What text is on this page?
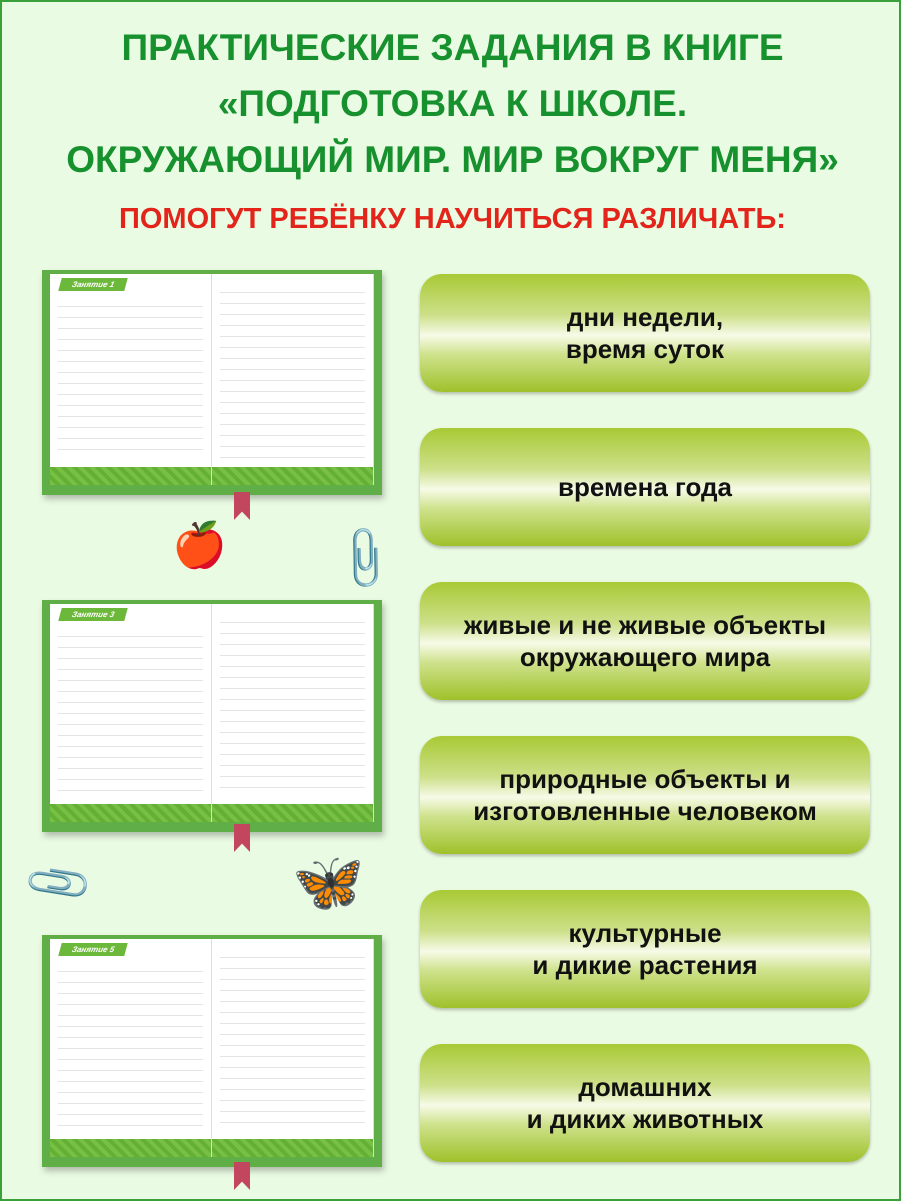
ПРАКТИЧЕСКИЕ ЗАДАНИЯ В КНИГЕ
«ПОДГОТОВКА К ШКОЛЕ.
ОКРУЖАЮЩИЙ МИР. МИР ВОКРУГ МЕНЯ»
ПОМОГУТ РЕБЁНКУ НАУЧИТЬСЯ РАЗЛИЧАТЬ:
дни недели,
время суток
времена года
живые и не живые объекты
окружающего мира
природные объекты и
изготовленные человеком
культурные
и дикие растения
домашних
и диких животных
Занятие 1
Занятие 3
Занятие 5
🍎 📎
📎	🦋
